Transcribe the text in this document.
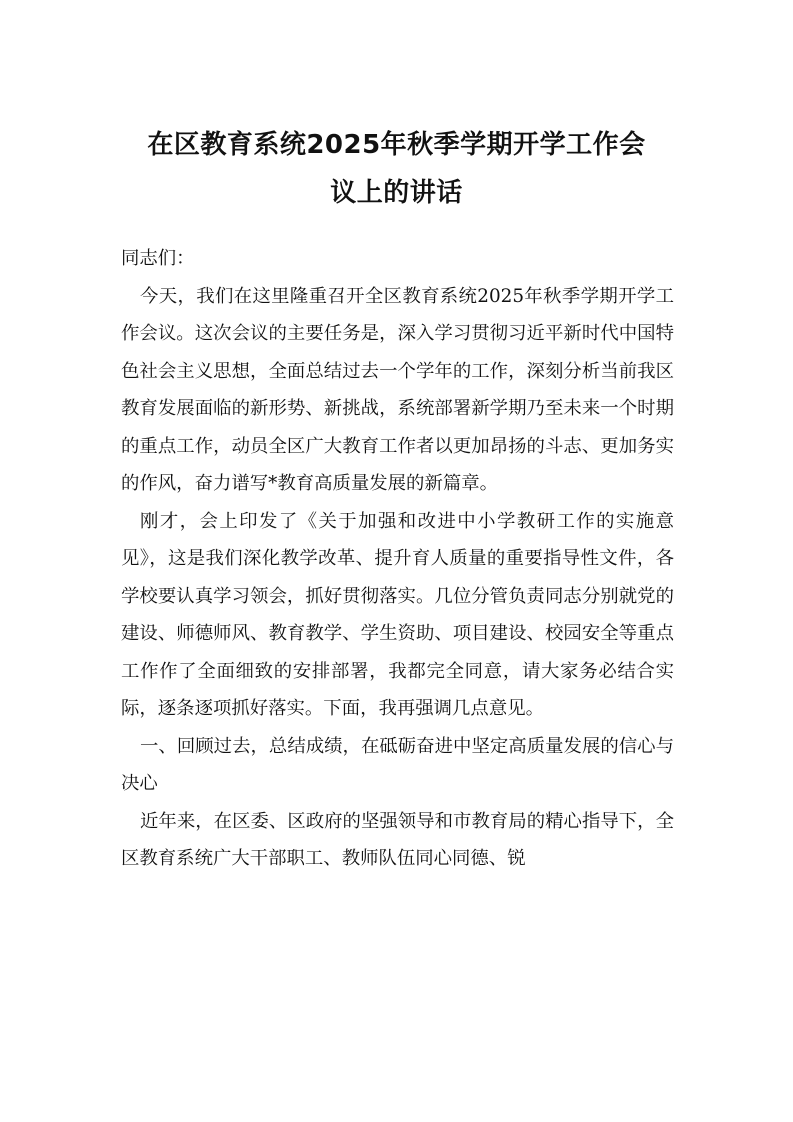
在区教育系统2025年秋季学期开学工作会
议上的讲话

同志们：

今天，我们在这里隆重召开全区教育系统2025年秋季学期开学工作会议。这次会议的主要任务是，深入学习贯彻习近平新时代中国特色社会主义思想，全面总结过去一个学年的工作，深刻分析当前我区教育发展面临的新形势、新挑战，系统部署新学期乃至未来一个时期的重点工作，动员全区广大教育工作者以更加昂扬的斗志、更加务实的作风，奋力谱写*教育高质量发展的新篇章。

刚才，会上印发了《关于加强和改进中小学教研工作的实施意见》，这是我们深化教学改革、提升育人质量的重要指导性文件，各学校要认真学习领会，抓好贯彻落实。几位分管负责同志分别就党的建设、师德师风、教育教学、学生资助、项目建设、校园安全等重点工作作了全面细致的安排部署，我都完全同意，请大家务必结合实际，逐条逐项抓好落实。下面，我再强调几点意见。

一、回顾过去，总结成绩，在砥砺奋进中坚定高质量发展的信心与决心

近年来，在区委、区政府的坚强领导和市教育局的精心指导下，全区教育系统广大干部职工、教师队伍同心同德、锐
